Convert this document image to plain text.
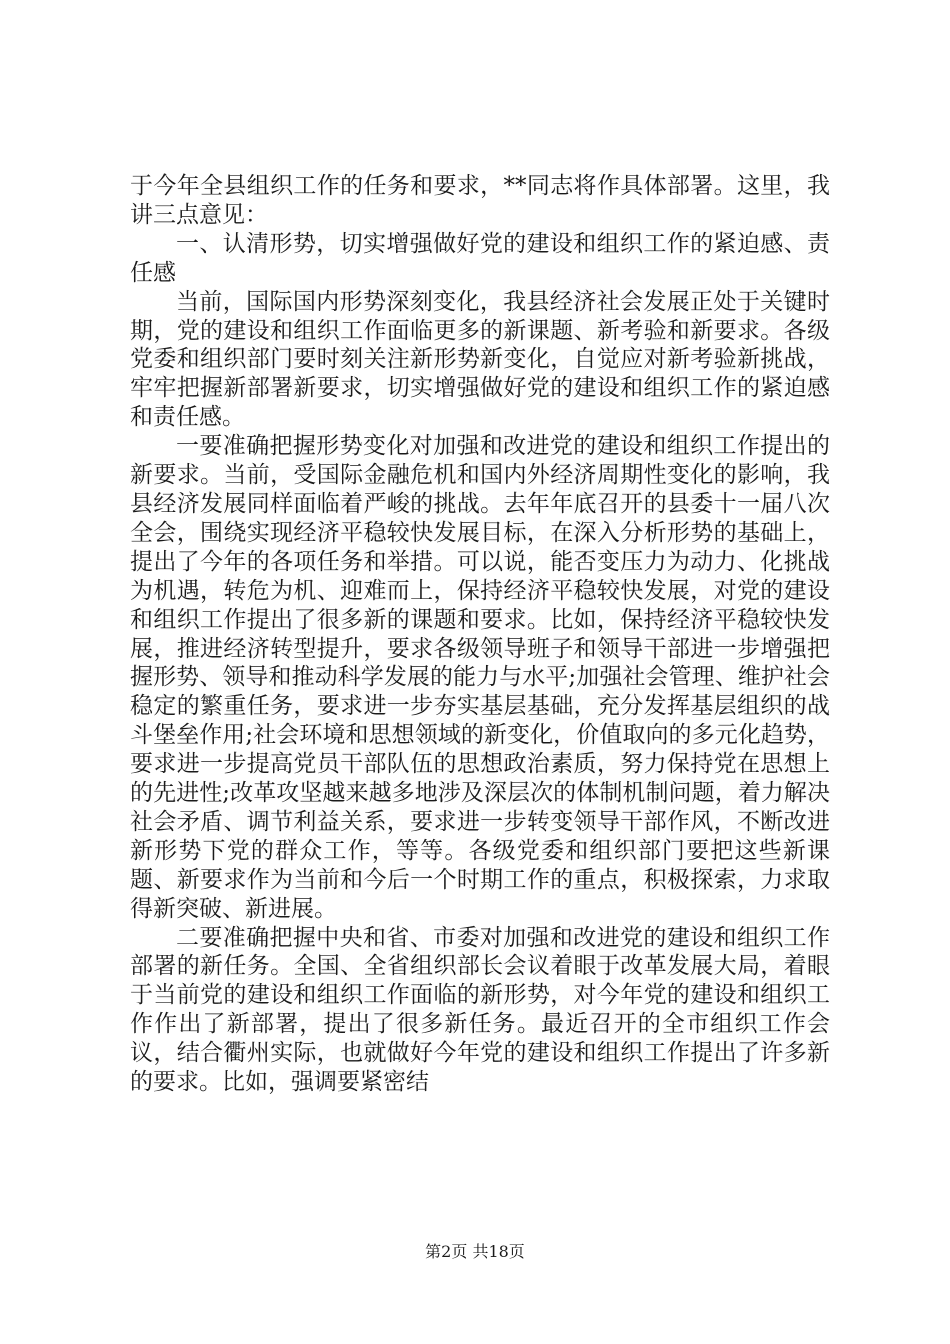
于今年全县组织工作的任务和要求，**同志将作具体部署。这里，我讲三点意见：

一、认清形势，切实增强做好党的建设和组织工作的紧迫感、责任感

当前，国际国内形势深刻变化，我县经济社会发展正处于关键时期，党的建设和组织工作面临更多的新课题、新考验和新要求。各级党委和组织部门要时刻关注新形势新变化，自觉应对新考验新挑战，牢牢把握新部署新要求，切实增强做好党的建设和组织工作的紧迫感和责任感。

一要准确把握形势变化对加强和改进党的建设和组织工作提出的新要求。当前，受国际金融危机和国内外经济周期性变化的影响，我县经济发展同样面临着严峻的挑战。去年年底召开的县委十一届八次全会，围绕实现经济平稳较快发展目标，在深入分析形势的基础上，提出了今年的各项任务和举措。可以说，能否变压力为动力、化挑战为机遇，转危为机、迎难而上，保持经济平稳较快发展，对党的建设和组织工作提出了很多新的课题和要求。比如，保持经济平稳较快发展，推进经济转型提升，要求各级领导班子和领导干部进一步增强把握形势、领导和推动科学发展的能力与水平;加强社会管理、维护社会稳定的繁重任务，要求进一步夯实基层基础，充分发挥基层组织的战斗堡垒作用;社会环境和思想领域的新变化，价值取向的多元化趋势，要求进一步提高党员干部队伍的思想政治素质，努力保持党在思想上的先进性;改革攻坚越来越多地涉及深层次的体制机制问题，着力解决社会矛盾、调节利益关系，要求进一步转变领导干部作风，不断改进新形势下党的群众工作，等等。各级党委和组织部门要把这些新课题、新要求作为当前和今后一个时期工作的重点，积极探索，力求取得新突破、新进展。

二要准确把握中央和省、市委对加强和改进党的建设和组织工作部署的新任务。全国、全省组织部长会议着眼于改革发展大局，着眼于当前党的建设和组织工作面临的新形势，对今年党的建设和组织工作作出了新部署，提出了很多新任务。最近召开的全市组织工作会议，结合衢州实际，也就做好今年党的建设和组织工作提出了许多新的要求。比如，强调要紧密结

第2页 共18页
